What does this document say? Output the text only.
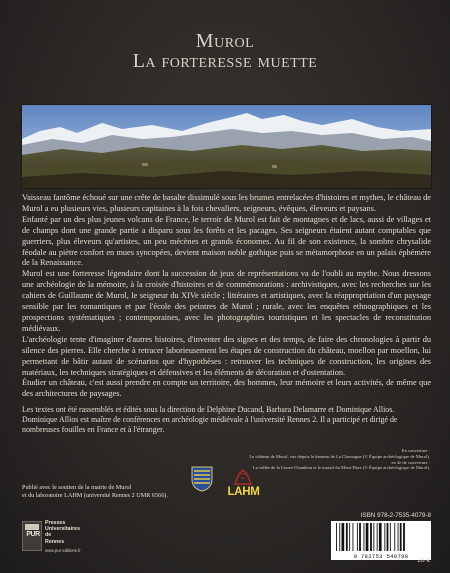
Murol
La forteresse muette

Vaisseau fantôme échoué sur une crête de basalte dissimulé sous les brumes entrelacées d'histoires et mythes, le château de Murol a eu plusieurs vies, plusieurs capitaines à la fois chevaliers, seigneurs, évêques, éleveurs et paysans.

Enfanté par un des plus jeunes volcans de France, le terroir de Murol est fait de montagnes et de lacs, aussi de villages et de champs dont une grande partie a disparu sous les forêts et les pacages. Ses seigneurs étaient autant comptables que guerriers, plus éleveurs qu'artistes, un peu mécènes et grands économes. Au fil de son existence, la sombre chrysalide féodale au piètre confort en mues syncopées, devient maison noble gothique puis se métamorphose en un palais éphémère de la Renaissance.

Murol est une forteresse légendaire dont la succession de jeux de représentations va de l'oubli au mythe. Nous dressons une archéologie de la mémoire, à la croisée d'histoires et de commémorations : archivistiques, avec les recherches sur les cahiers de Guillaume de Murol, le seigneur du XIVe siècle ; littéraires et artistiques, avec la réappropriation d'un paysage sensible par les romantiques et par l'école des peintres de Murol ; rurale, avec les enquêtes ethnographiques et les prospections systématiques ; contemporaines, avec les photographies touristiques et les spectacles de reconstitution médiévaux.

L'archéologie tente d'imaginer d'autres histoires, d'inventer des signes et des temps, de faire des chronologies à partir du silence des pierres. Elle cherche à retracer laborieusement les étapes de construction du château, moellon par moellon, lui permettant de bâtir autant de scénarios que d'hypothèses : retrouver les techniques de construction, les origines des matériaux, les techniques stratégiques et défensives et les éléments de décoration et d'ostentation.

Étudier un château, c'est aussi prendre en compte un territoire, des hommes, leur mémoire et leurs activités, de même que des architectures de paysages.

Les textes ont été rassemblés et édités sous la direction de Delphine Ducand, Barbara Delamarre et Dominique Allios.

Dominique Allios est maître de conférences en archéologie médiévale à l'université Rennes 2. Il a participé et dirigé de nombreuses fouilles en France et à l'étranger.

En couverture :

Le château de Murol, vue depuis le hameau de La Chassagne (© Équipe archéologique de Murol).

en 4e de couverture :

La vallée de la Couze-Chambon et le massif du Mont-Dore (© Équipe archéologique de Murol).

Publié avec le soutien de la mairie de Murol

et du laboratoire LAHM (université Rennes 2 UMR 6566).	LAHM
PUR

Presses

Universitaires

de

Rennes

www.pur-editions.fr
ISBN 978-2-7535-4079-8
9 782753 540798
28 €
